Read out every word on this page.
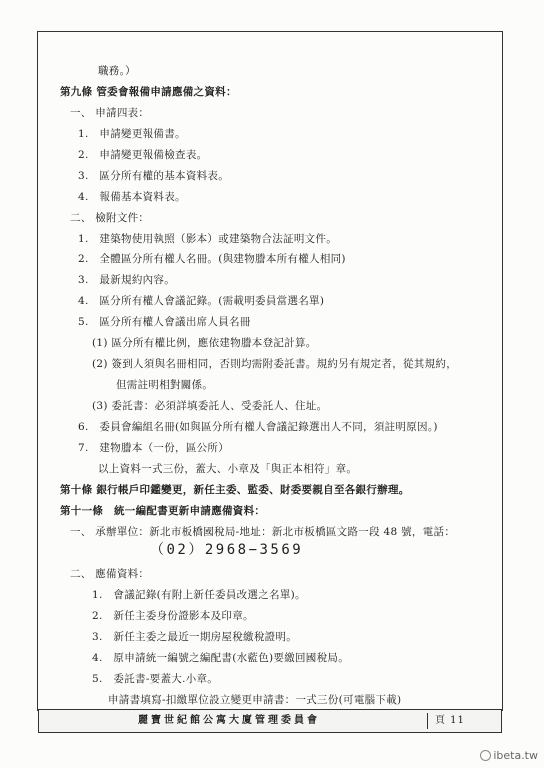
職務。）
第九條 管委會報備申請應備之資料：
一、 申請四表：
1.　申請變更報備書。
2.　申請變更報備檢查表。
3.　區分所有權的基本資料表。
4.　報備基本資料表。
二、 檢附文件：
1.　建築物使用執照（影本）或建築物合法証明文件。
2.　全體區分所有權人名冊。(與建物謄本所有權人相同)
3.　最新規約內容。
4.　區分所有權人會議記錄。(需載明委員當選名單)
5.　區分所有權人會議出席人員名冊
(1) 區分所有權比例，應依建物謄本登記計算。
(2) 簽到人須與名冊相同，否則均需附委託書。規約另有規定者，從其規約，
但需註明相對關係。
(3) 委託書：必須詳填委託人、受委託人、住址。
6.　委員會編組名冊(如與區分所有權人會議記錄選出人不同，須註明原因。)
7.　建物謄本（一份，區公所）
以上資料一式三份，蓋大、小章及「與正本相符」章。
第十條 銀行帳戶印鑑變更，新任主委、監委、財委要親自至各銀行辦理。
第十一條　統一編配書更新申請應備資料：
一、 承辦單位：新北市板橋國稅局-地址：新北市板橋區文路一段 48 號，電話：
二、 應備資料：
1.　會議記錄(有附上新任委員改選之名單)。
2.　新任主委身份證影本及印章。
3.　新任主委之最近一期房屋稅繳稅證明。
4.　原申請統一編號之編配書(水藍色)要繳回國稅局。
5.　委託書-要蓋大.小章。
申請書填寫-扣繳單位設立變更申請書：一式三份(可電腦下載)
（02）2968−3569
麗寶世紀館公寓大廈管理委員會	頁 11
ibeta.tw
